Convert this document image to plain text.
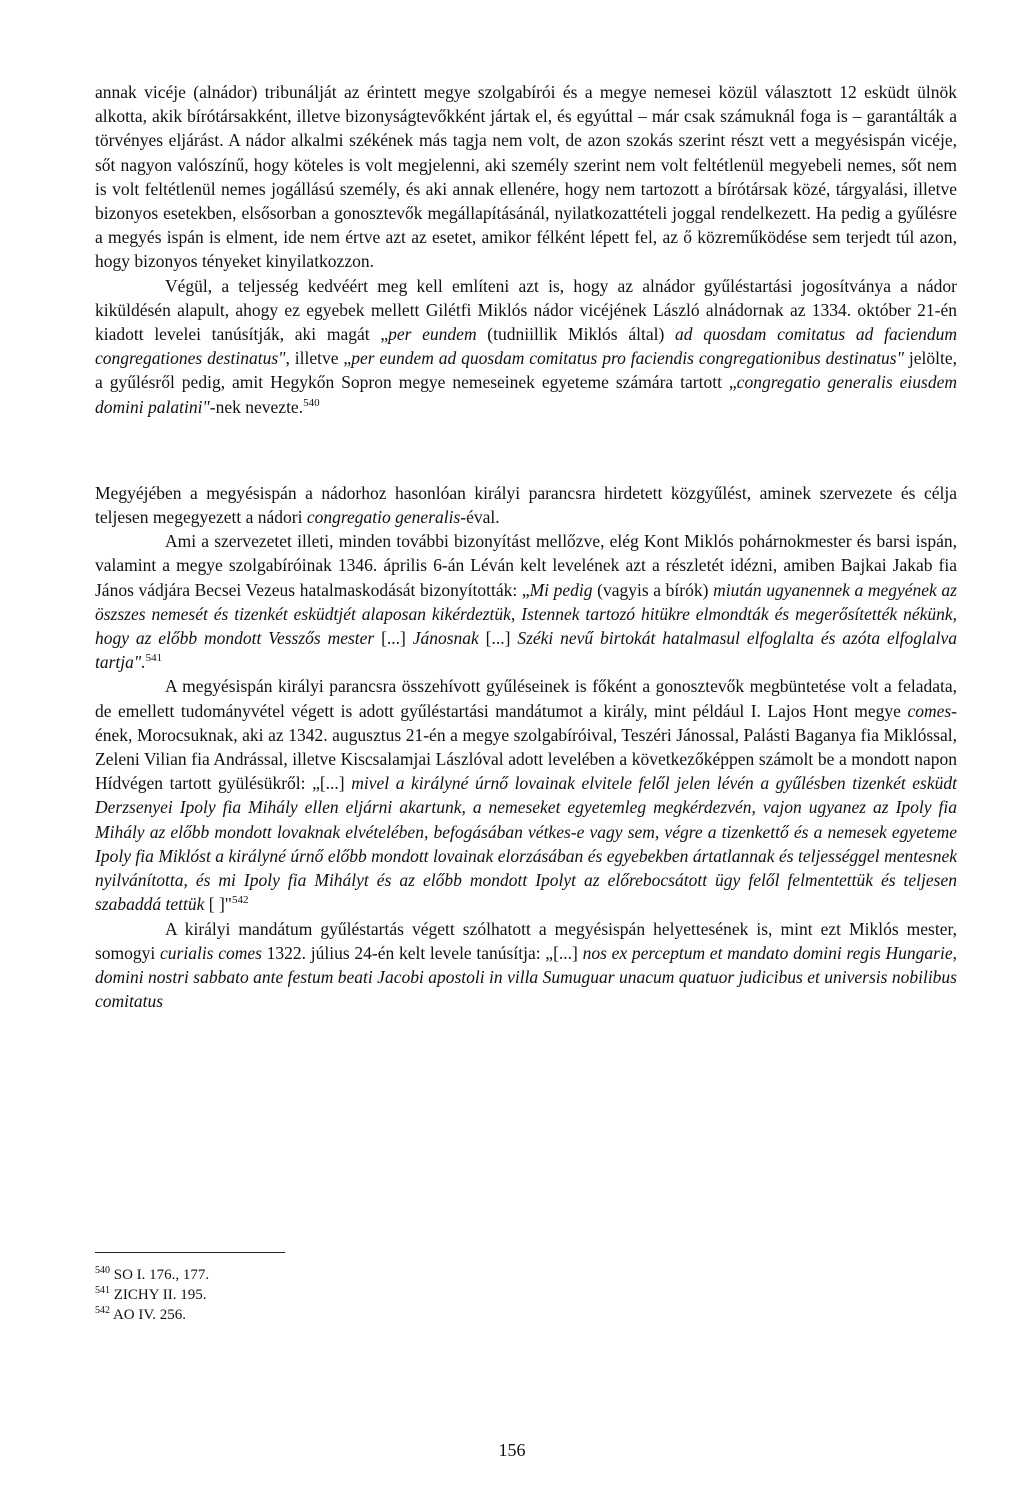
annak vicéje (alnádor) tribunálját az érintett megye szolgabírói és a megye nemesei közül választott 12 esküdt ülnök alkotta, akik bírótársakként, illetve bizonyságtevőkként jártak el, és egyúttal – már csak számuknál foga is – garantálták a törvényes eljárást. A nádor alkalmi székének más tagja nem volt, de azon szokás szerint részt vett a megyésispán vicéje, sőt nagyon valószínű, hogy köteles is volt megjelenni, aki személy szerint nem volt feltétlenül megyebeli nemes, sőt nem is volt feltétlenül nemes jogállású személy, és aki annak ellenére, hogy nem tartozott a bírótársak közé, tárgyalási, illetve bizonyos esetekben, elsősorban a gonosztevők megállapításánál, nyilatkozattételi joggal rendelkezett. Ha pedig a gyűlésre a megyés ispán is elment, ide nem értve azt az esetet, amikor félként lépett fel, az ő közreműködése sem terjedt túl azon, hogy bizonyos tényeket kinyilatkozzon.

Végül, a teljesség kedvéért meg kell említeni azt is, hogy az alnádor gyűléstartási jogosítványa a nádor kiküldésén alapult, ahogy ez egyebek mellett Gilétfi Miklós nádor vicéjének László alnádornak az 1334. október 21-én kiadott levelei tanúsítják, aki magát „per eundem (tudniillik Miklós által) ad quosdam comitatus ad faciendum congregationes destinatus", illetve „per eundem ad quosdam comitatus pro faciendis congregationibus destinatus" jelölte, a gyűlésről pedig, amit Hegykőn Sopron megye nemeseinek egyeteme számára tartott „congregatio generalis eiusdem domini palatini"-nek nevezte.$^{540}$

Megyéjében a megyésispán a nádorhoz hasonlóan királyi parancsra hirdetett közgyűlést, aminek szervezete és célja teljesen megegyezett a nádori congregatio generalis-éval.

Ami a szervezetet illeti, minden további bizonyítást mellőzve, elég Kont Miklós pohárnokmester és barsi ispán, valamint a megye szolgabíróinak 1346. április 6-án Léván kelt levelének azt a részletét idézni, amiben Bajkai Jakab fia János vádjára Becsei Vezeus hatalmaskodását bizonyították: „Mi pedig (vagyis a bírók) miután ugyanennek a megyének az öszszes nemesét és tizenkét esküdtjét alaposan kikérdeztük, Istennek tartozó hitükre elmondták és megerősítették nékünk, hogy az előbb mondott Vesszős mester [...] Jánosnak [...] Széki nevű birtokát hatalmasul elfoglalta és azóta elfoglalva tartja".$^{541}$

A megyésispán királyi parancsra összehívott gyűléseinek is főként a gonosztevők megbüntetése volt a feladata, de emellett tudományvétel végett is adott gyűléstartási mandátumot a király, mint például I. Lajos Hont megye comes-ének, Morocsuknak, aki az 1342. augusztus 21-én a megye szolgabíróival, Teszéri Jánossal, Palásti Baganya fia Miklóssal, Zeleni Vilian fia Andrással, illetve Kiscsalamjai Lászlóval adott levelében a következőképpen számolt be a mondott napon Hídvégen tartott gyülésükről: „[...] mivel a királyné úrnő lovainak elvitele felől jelen lévén a gyűlésben tizenkét esküdt Derzsenyei Ipoly fia Mihály ellen eljárni akartunk, a nemeseket egyetemleg megkérdezvén, vajon ugyanez az Ipoly fia Mihály az előbb mondott lovaknak elvételében, befogásában vétkes-e vagy sem, végre a tizenkettő és a nemesek egyeteme Ipoly fia Miklóst a királyné úrnő előbb mondott lovainak elorzásában és egyebekben ártatlannak és teljességgel mentesnek nyilvánította, és mi Ipoly fia Mihályt és az előbb mondott Ipolyt az előrebocsátott ügy felől felmentettük és teljesen szabaddá tettük [ ]"$^{542}$

A királyi mandátum gyűléstartás végett szólhatott a megyésispán helyettesének is, mint ezt Miklós mester, somogyi curialis comes 1322. július 24-én kelt levele tanúsítja: „[...] nos ex perceptum et mandato domini regis Hungarie, domini nostri sabbato ante festum beati Jacobi apostoli in villa Sumuguar unacum quatuor judicibus et universis nobilibus comitatus

$^{540}$ SO I. 176., 177.

$^{541}$ ZICHY II. 195.

$^{542}$ AO IV. 256.

156
